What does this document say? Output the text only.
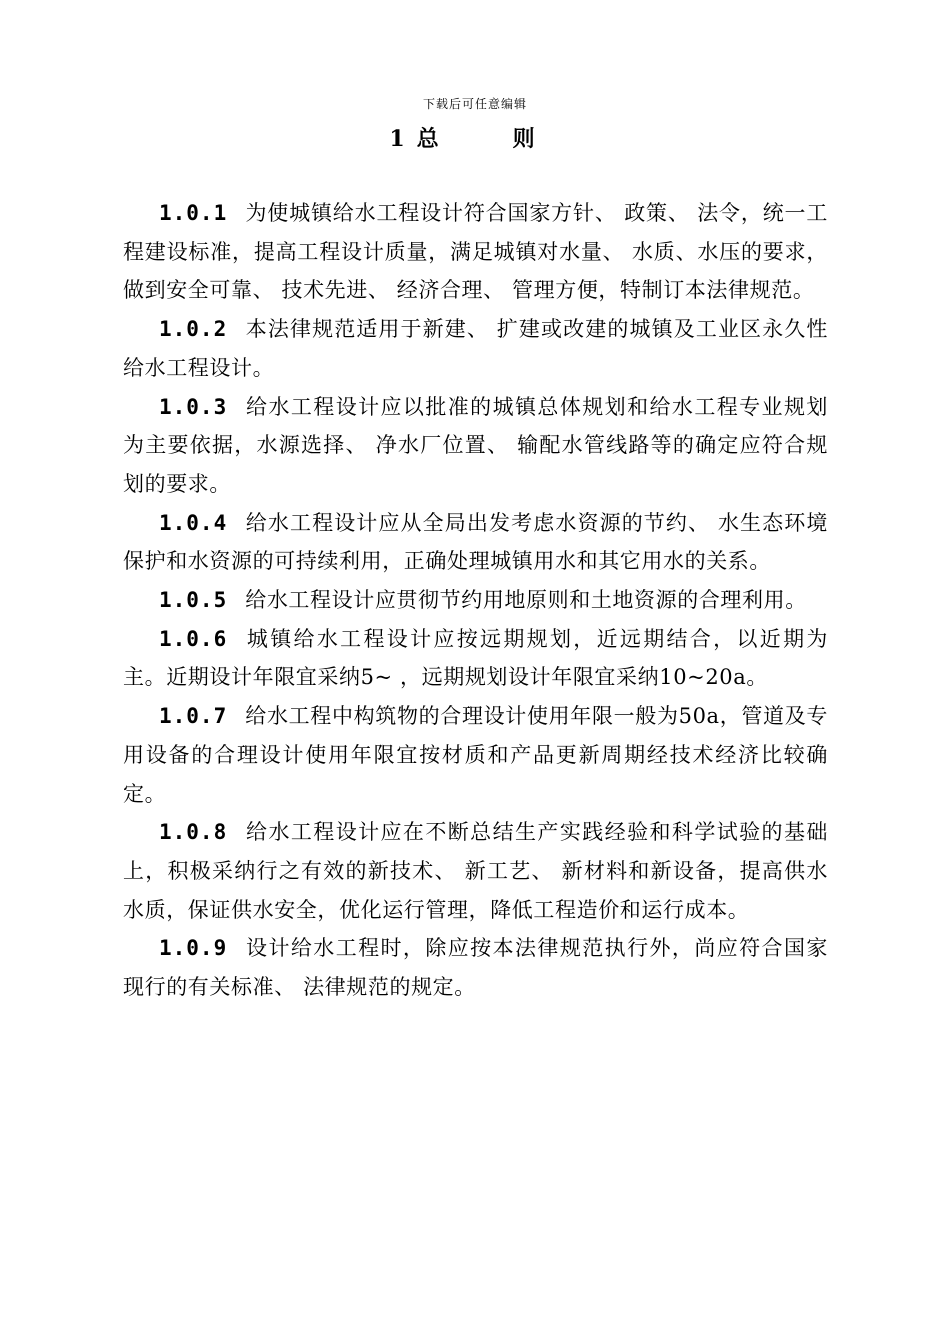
下载后可任意编辑
1 总　则

1.0.1 为使城镇给水工程设计符合国家方针、 政策、 法令，统一工程建设标准，提高工程设计质量，满足城镇对水量、 水质、水压的要求，做到安全可靠、 技术先进、 经济合理、 管理方便，特制订本法律规范。

1.0.2 本法律规范适用于新建、 扩建或改建的城镇及工业区永久性给水工程设计。

1.0.3 给水工程设计应以批准的城镇总体规划和给水工程专业规划为主要依据，水源选择、 净水厂位置、 输配水管线路等的确定应符合规划的要求。

1.0.4 给水工程设计应从全局出发考虑水资源的节约、 水生态环境保护和水资源的可持续利用，正确处理城镇用水和其它用水的关系。

1.0.5 给水工程设计应贯彻节约用地原则和土地资源的合理利用。

1.0.6 城镇给水工程设计应按远期规划，近远期结合，以近期为主。近期设计年限宜采纳5~ ，远期规划设计年限宜采纳10~20a。

1.0.7 给水工程中构筑物的合理设计使用年限一般为50a，管道及专用设备的合理设计使用年限宜按材质和产品更新周期经技术经济比较确定。

1.0.8 给水工程设计应在不断总结生产实践经验和科学试验的基础上，积极采纳行之有效的新技术、 新工艺、 新材料和新设备，提高供水水质，保证供水安全，优化运行管理，降低工程造价和运行成本。

1.0.9 设计给水工程时，除应按本法律规范执行外，尚应符合国家现行的有关标准、 法律规范的规定。
